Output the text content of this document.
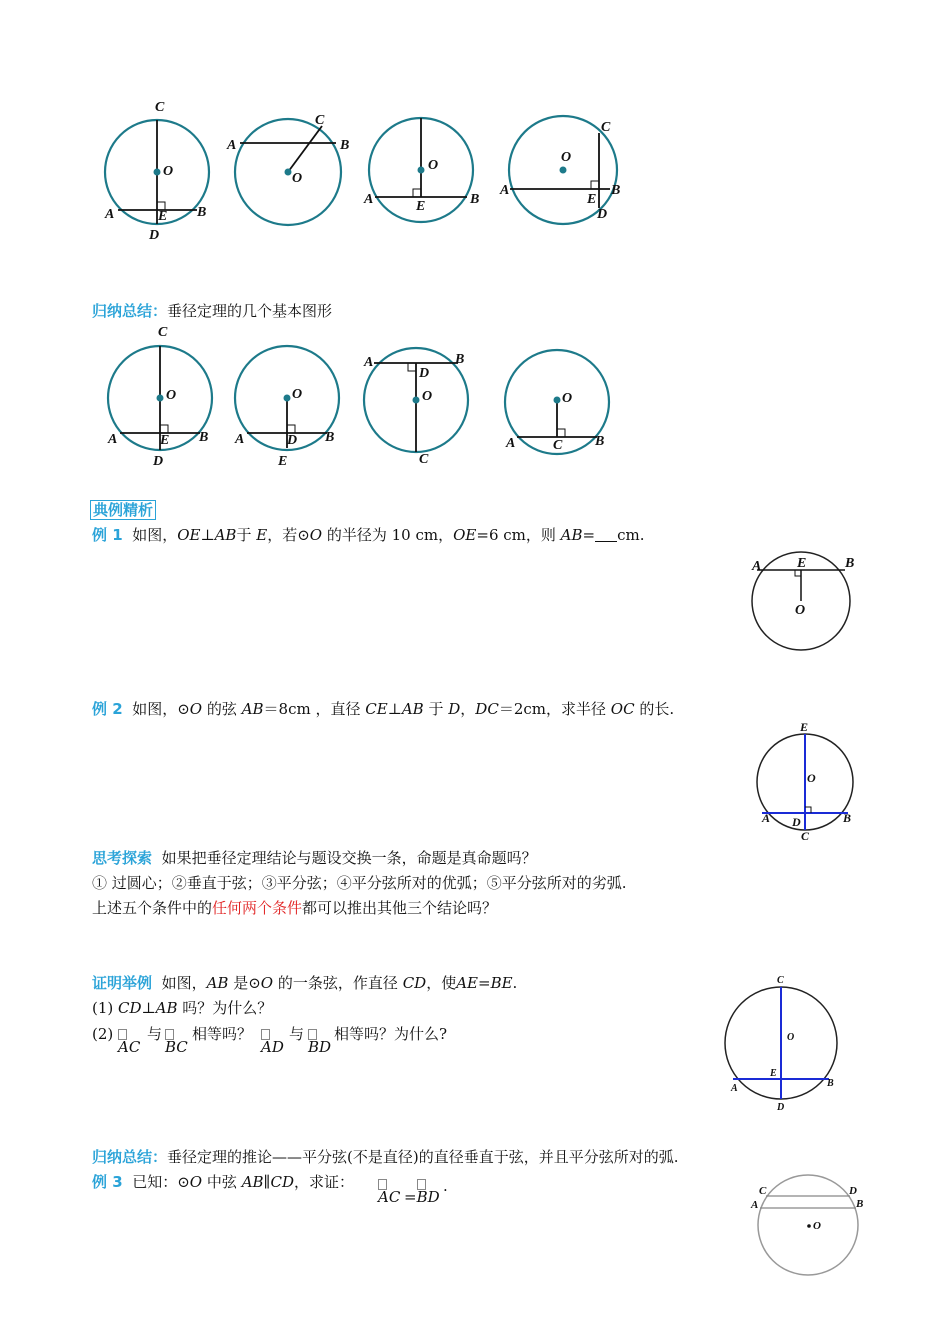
C
O
A	E B
D
A
C
B
O
O
A	B
E
O
C
A	B
E
D
归纳总结：垂径定理的几个基本图形
C
O
A	E B
D
O
A	D B
E
A	B
D
O
C
O
A	C B
典例精析
例 1 如图，OE⊥AB于 E，若⊙O 的半径为 10 cm，OE=6 cm，则 AB= cm.
A	E	B
O
例 2 如图，⊙O 的弦 AB＝8cm ，直径 CE⊥AB 于 D，DC＝2cm，求半径 OC 的长.
E
O
A D	B
C
思考探索 如果把垂径定理结论与题设交换一条，命题是真命题吗？
① 过圆心；②垂直于弦；③平分弦；④平分弦所对的优弧；⑤平分弦所对的劣弧.
上述五个条件中的任何两个条件都可以推出其他三个结论吗？
证明举例 如图，AB 是⊙O 的一条弦，作直径 CD，使AE=BE.
(1) CD⊥AB 吗？为什么？
(2)
AC
与
BC
相等吗？
AD
与
BD
相等吗？为什么?
C
O
E
A	B
D
归纳总结：垂径定理的推论——平分弦(不是直径)的直径垂直于弦，并且平分弦所对的弧.
例 3 已知：⊙O 中弦 AB∥CD，求证：
AC =
BD
.	C
A
D
B
O
